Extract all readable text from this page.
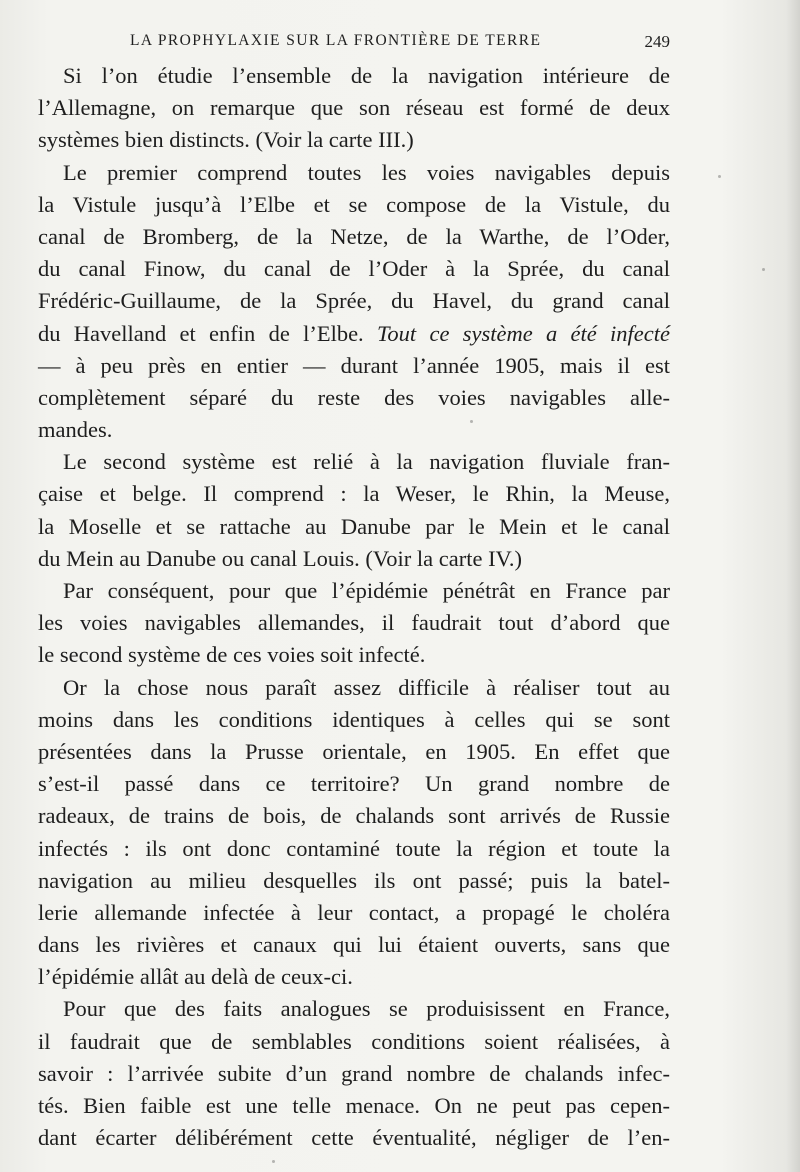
LA PROPHYLAXIE SUR LA FRONTIÈRE DE TERRE	249
Si l’on étudie l’ensemble de la navigation intérieure de
l’Allemagne, on remarque que son réseau est formé de deux
systèmes bien distincts. (Voir la carte III.)
Le premier comprend toutes les voies navigables depuis
la Vistule jusqu’à l’Elbe et se compose de la Vistule, du
canal de Bromberg, de la Netze, de la Warthe, de l’Oder,
du canal Finow, du canal de l’Oder à la Sprée, du canal
Frédéric-Guillaume, de la Sprée, du Havel, du grand canal
du Havelland et enfin de l’Elbe. Tout ce système a été infecté
— à peu près en entier — durant l’année 1905, mais il est
complètement séparé du reste des voies navigables alle-
mandes.
Le second système est relié à la navigation fluviale fran-
çaise et belge. Il comprend : la Weser, le Rhin, la Meuse,
la Moselle et se rattache au Danube par le Mein et le canal
du Mein au Danube ou canal Louis. (Voir la carte IV.)
Par conséquent, pour que l’épidémie pénétrât en France par
les voies navigables allemandes, il faudrait tout d’abord que
le second système de ces voies soit infecté.
Or la chose nous paraît assez difficile à réaliser tout au
moins dans les conditions identiques à celles qui se sont
présentées dans la Prusse orientale, en 1905. En effet que
s’est-il passé dans ce territoire? Un grand nombre de
radeaux, de trains de bois, de chalands sont arrivés de Russie
infectés : ils ont donc contaminé toute la région et toute la
navigation au milieu desquelles ils ont passé; puis la batel-
lerie allemande infectée à leur contact, a propagé le choléra
dans les rivières et canaux qui lui étaient ouverts, sans que
l’épidémie allât au delà de ceux-ci.
Pour que des faits analogues se produisissent en France,
il faudrait que de semblables conditions soient réalisées, à
savoir : l’arrivée subite d’un grand nombre de chalands infec-
tés. Bien faible est une telle menace. On ne peut pas cepen-
dant écarter délibérément cette éventualité, négliger de l’en-
